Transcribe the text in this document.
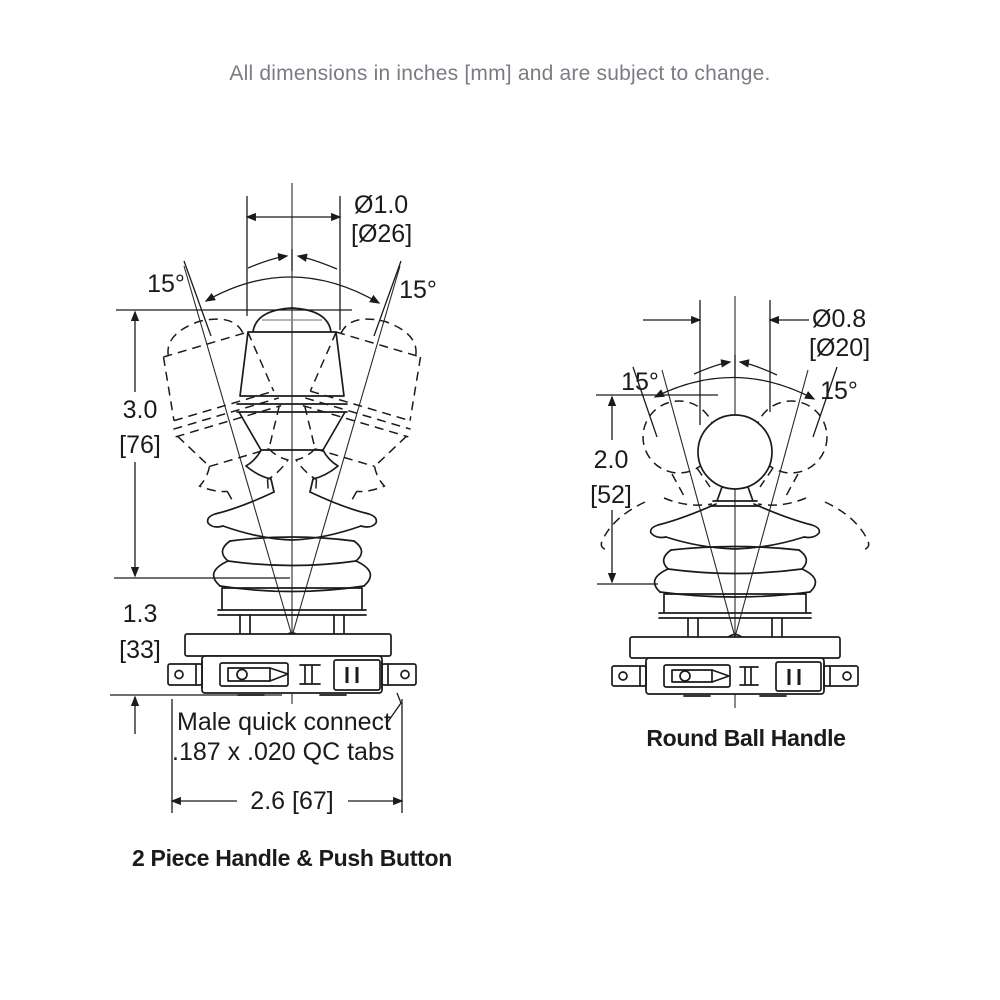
All dimensions in inches [mm] and are subject to change.
Ø1.0
[Ø26]
15°	15°
3.0
[76]
1.3
[33]
Male quick connect
.187 x .020 QC tabs
2.6 [67]
2 Piece Handle & Push Button
Ø0.8
[Ø20]
15°	15°
2.0
[52]
Round Ball Handle
